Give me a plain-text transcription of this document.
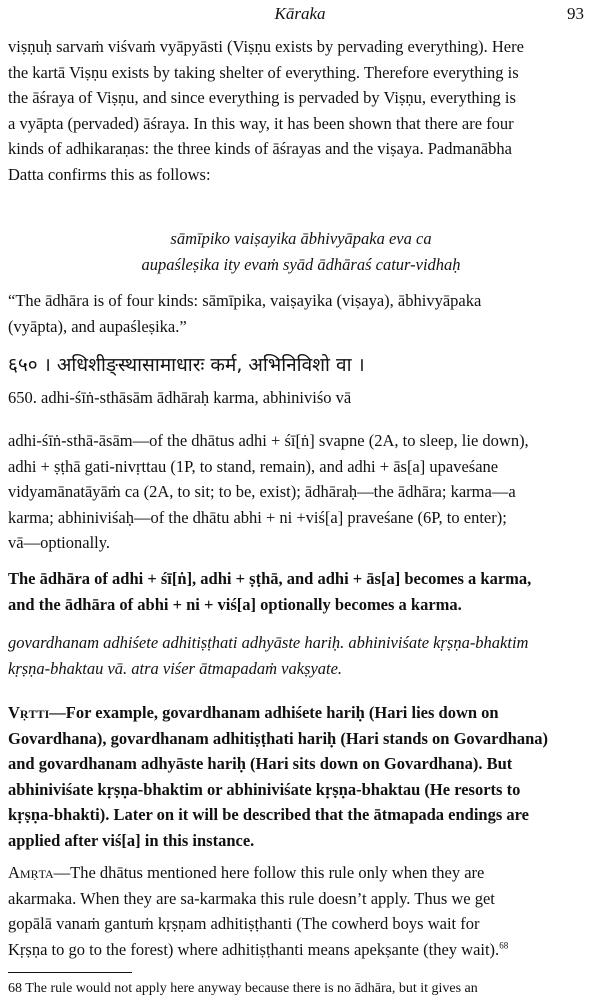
Kāraka	93
viṣṇuḥ sarvaṁ viśvaṁ vyāpyāsti (Viṣṇu exists by pervading everything). Here
the kartā Viṣṇu exists by taking shelter of everything. Therefore everything is
the āśraya of Viṣṇu, and since everything is pervaded by Viṣṇu, everything is
a vyāpta (pervaded) āśraya. In this way, it has been shown that there are four
kinds of adhikaraṇas: the three kinds of āśrayas and the viṣaya. Padmanābha
Datta confirms this as follows:
sāmīpiko vaiṣayika ābhivyāpaka eva ca
aupaśleṣika ity evaṁ syād ādhāraś catur-vidhaḥ
“The ādhāra is of four kinds: sāmīpika, vaiṣayika (viṣaya), ābhivyāpaka
(vyāpta), and aupaśleṣika.”
६५० । अधिशीङ्स्थासामाधारः कर्म, अभिनिविशो वा ।
650. adhi-śīṅ-sthāsām ādhāraḥ karma, abhiniviśo vā
adhi-śīṅ-sthā-āsām—of the dhātus adhi + śī[ṅ] svapne (2A, to sleep, lie down),
adhi + ṣṭhā gati-nivṛttau (1P, to stand, remain), and adhi + ās[a] upaveśane
vidyamānatāyāṁ ca (2A, to sit; to be, exist); ādhāraḥ—the ādhāra; karma—a
karma; abhiniviśaḥ—of the dhātu abhi + ni +viś[a] praveśane (6P, to enter);
vā—optionally.
The ādhāra of adhi + śī[ṅ], adhi + ṣṭhā, and adhi + ās[a] becomes a karma,
and the ādhāra of abhi + ni + viś[a] optionally becomes a karma.
govardhanam adhiśete adhitiṣṭhati adhyāste hariḥ. abhiniviśate kṛṣṇa-bhaktim
kṛṣṇa-bhaktau vā. atra viśer ātmapadaṁ vakṣyate.
Vṛtti—For example, govardhanam adhiśete hariḥ (Hari lies down on
Govardhana), govardhanam adhitiṣṭhati hariḥ (Hari stands on Govardhana)
and govardhanam adhyāste hariḥ (Hari sits down on Govardhana). But
abhiniviśate kṛṣṇa-bhaktim or abhiniviśate kṛṣṇa-bhaktau (He resorts to
kṛṣṇa-bhakti). Later on it will be described that the ātmapada endings are
applied after viś[a] in this instance.
Amṛta—The dhātus mentioned here follow this rule only when they are
akarmaka. When they are sa-karmaka this rule doesn’t apply. Thus we get
gopālā vanaṁ gantuṁ kṛṣṇam adhitiṣṭhanti (The cowherd boys wait for
Kṛṣṇa to go to the forest) where adhitiṣṭhanti means apekṣante (they wait).$^{68}$
68 The rule would not apply here anyway because there is no ādhāra, but it gives an
